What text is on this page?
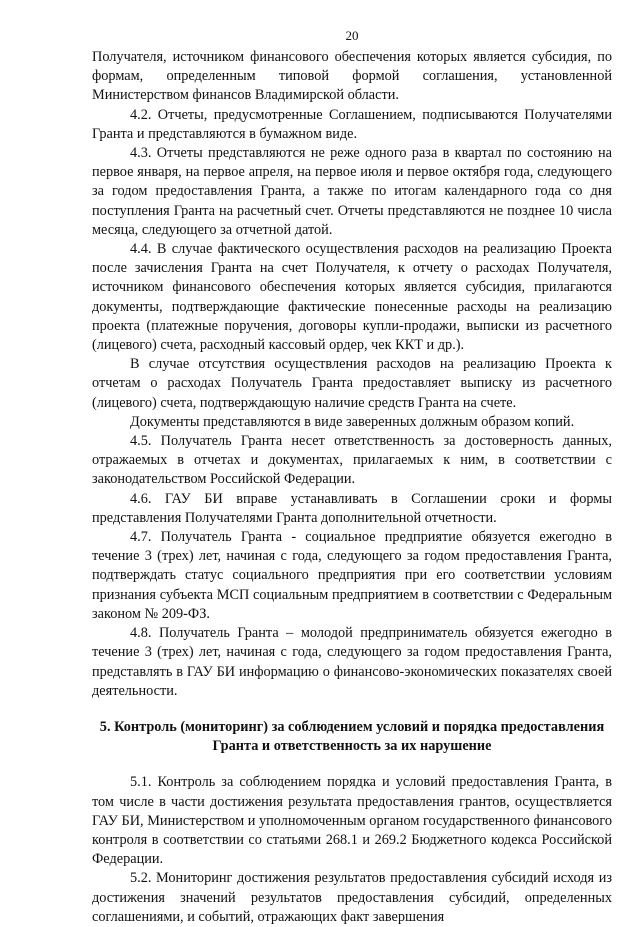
20

Получателя, источником финансового обеспечения которых является субсидия, по формам, определенным типовой формой соглашения, установленной Министерством финансов Владимирской области.

4.2. Отчеты, предусмотренные Соглашением, подписываются Получателями Гранта и представляются в бумажном виде.

4.3. Отчеты представляются не реже одного раза в квартал по состоянию на первое января, на первое апреля, на первое июля и первое октября года, следующего за годом предоставления Гранта, а также по итогам календарного года со дня поступления Гранта на расчетный счет. Отчеты представляются не позднее 10 числа месяца, следующего за отчетной датой.

4.4. В случае фактического осуществления расходов на реализацию Проекта после зачисления Гранта на счет Получателя, к отчету о расходах Получателя, источником финансового обеспечения которых является субсидия, прилагаются документы, подтверждающие фактические понесенные расходы на реализацию проекта (платежные поручения, договоры купли-продажи, выписки из расчетного (лицевого) счета, расходный кассовый ордер, чек ККТ и др.).

В случае отсутствия осуществления расходов на реализацию Проекта к отчетам о расходах Получатель Гранта предоставляет выписку из расчетного (лицевого) счета, подтверждающую наличие средств Гранта на счете.

Документы представляются в виде заверенных должным образом копий.

4.5. Получатель Гранта несет ответственность за достоверность данных, отражаемых в отчетах и документах, прилагаемых к ним, в соответствии с законодательством Российской Федерации.

4.6. ГАУ БИ вправе устанавливать в Соглашении сроки и формы представления Получателями Гранта дополнительной отчетности.

4.7. Получатель Гранта - социальное предприятие обязуется ежегодно в течение 3 (трех) лет, начиная с года, следующего за годом предоставления Гранта, подтверждать статус социального предприятия при его соответствии условиям признания субъекта МСП социальным предприятием в соответствии с Федеральным законом № 209-ФЗ.

4.8. Получатель Гранта – молодой предприниматель обязуется ежегодно в течение 3 (трех) лет, начиная с года, следующего за годом предоставления Гранта, представлять в ГАУ БИ информацию о финансово-экономических показателях своей деятельности.

5. Контроль (мониторинг) за соблюдением условий и порядка предоставления Гранта и ответственность за их нарушение

5.1. Контроль за соблюдением порядка и условий предоставления Гранта, в том числе в части достижения результата предоставления грантов, осуществляется ГАУ БИ, Министерством и уполномоченным органом государственного финансового контроля в соответствии со статьями 268.1 и 269.2 Бюджетного кодекса Российской Федерации.

5.2. Мониторинг достижения результатов предоставления субсидий исходя из достижения значений результатов предоставления субсидий, определенных соглашениями, и событий, отражающих факт завершения
